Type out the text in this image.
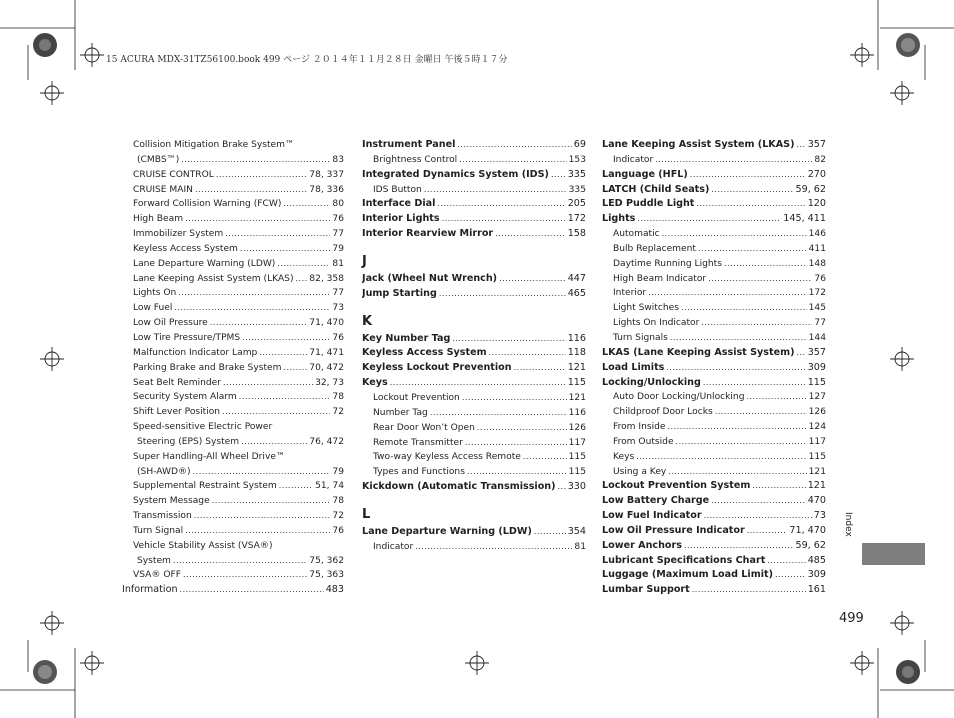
15 ACURA MDX-31TZ56100.book 499 ページ ２０１４年１１月２８日 金曜日 午後５時１７分
Collision Mitigation Brake System™
(CMBS™) .....	83
CRUISE CONTROL .....	78, 337
CRUISE MAIN .....	78, 336
Forward Collision Warning (FCW) .....	80
High Beam .....	76
Immobilizer System .....	77
Keyless Access System .....	79
Lane Departure Warning (LDW) .....	81
Lane Keeping Assist System (LKAS) ..... 82, 358
Lights On .....	77
Low Fuel .....	73
Low Oil Pressure .....	71, 470
Low Tire Pressure/TPMS .....	76
Malfunction Indicator Lamp .....	71, 471
Parking Brake and Brake System .....	70, 472
Seat Belt Reminder .....	32, 73
Security System Alarm .....	78
Shift Lever Position .....	72
Speed-sensitive Electric Power
Steering (EPS) System .....	76, 472
Super Handling-All Wheel Drive™
(SH-AWD®) .....	79
Supplemental Restraint System .....	51, 74
System Message .....	78
Transmission .....	72
Turn Signal .....	76
Vehicle Stability Assist (VSA®)
System .....	75, 362
VSA® OFF .....	75, 363
Information .....	483
Instrument Panel .....	69
Brightness Control .....	153
Integrated Dynamics System (IDS) ..... 335
IDS Button .....	335
Interface Dial .....	205
Interior Lights .....	172
Interior Rearview Mirror .....	158
J
Jack (Wheel Nut Wrench) .....	447
Jump Starting .....	465
K
Key Number Tag .....	116
Keyless Access System .....	118
Keyless Lockout Prevention .....	121
Keys .....	115
Lockout Prevention .....	121
Number Tag .....	116
Rear Door Won’t Open .....	126
Remote Transmitter .....	117
Two-way Keyless Access Remote .....	115
Types and Functions .....	115
Kickdown (Automatic Transmission) ..... 330
L
Lane Departure Warning (LDW) .....	354
Indicator .....	81
Lane Keeping Assist System (LKAS) ..... 357
Indicator .....	82
Language (HFL) .....	270
LATCH (Child Seats) .....	59, 62
LED Puddle Light .....	120
Lights .....	145, 411
Automatic .....	146
Bulb Replacement .....	411
Daytime Running Lights .....	148
High Beam Indicator .....	76
Interior .....	172
Light Switches .....	145
Lights On Indicator .....	77
Turn Signals .....	144
LKAS (Lane Keeping Assist System) ..... 357
Load Limits .....	309
Locking/Unlocking .....	115
Auto Door Locking/Unlocking .....	127
Childproof Door Locks .....	126
From Inside .....	124
From Outside .....	117
Keys .....	115
Using a Key .....	121
Lockout Prevention System .....	121
Low Battery Charge .....	470
Low Fuel Indicator .....	73
Low Oil Pressure Indicator .....	71, 470
Lower Anchors .....	59, 62
Lubricant Specifications Chart .....	485
Luggage (Maximum Load Limit) .....	309
Lumbar Support .....	161
Index
499
